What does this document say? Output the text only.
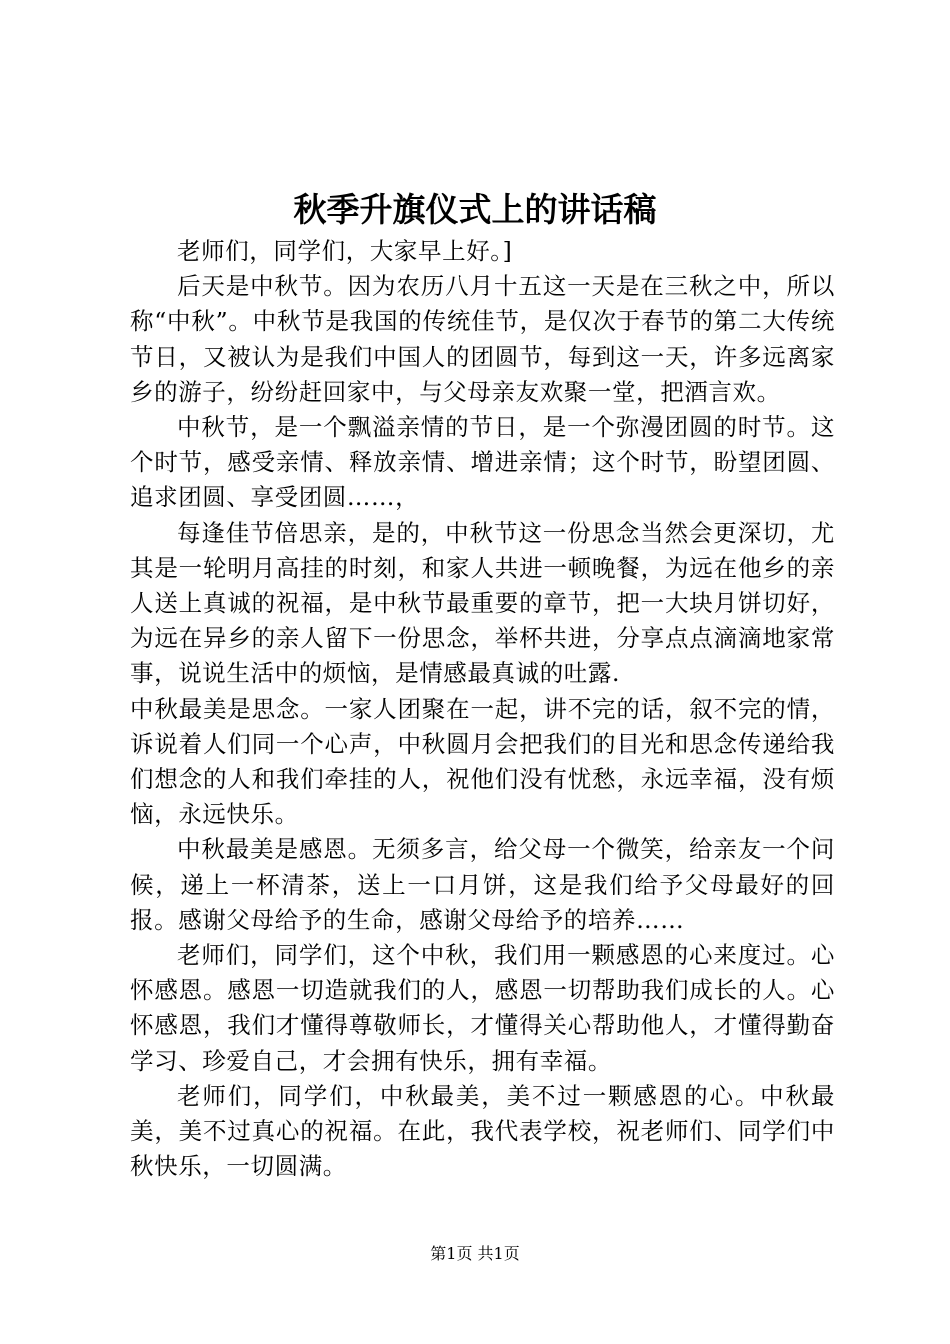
秋季升旗仪式上的讲话稿

老师们，同学们，大家早上好。]

后天是中秋节。因为农历八月十五这一天是在三秋之中，所以称“中秋”。中秋节是我国的传统佳节，是仅次于春节的第二大传统节日，又被认为是我们中国人的团圆节，每到这一天，许多远离家乡的游子，纷纷赶回家中，与父母亲友欢聚一堂，把酒言欢。

中秋节，是一个飘溢亲情的节日，是一个弥漫团圆的时节。这个时节，感受亲情、释放亲情、增进亲情；这个时节，盼望团圆、追求团圆、享受团圆……，

每逢佳节倍思亲，是的，中秋节这一份思念当然会更深切，尤其是一轮明月高挂的时刻，和家人共进一顿晚餐，为远在他乡的亲人送上真诚的祝福，是中秋节最重要的章节，把一大块月饼切好，为远在异乡的亲人留下一份思念，举杯共进，分享点点滴滴地家常事，说说生活中的烦恼，是情感最真诚的吐露.

中秋最美是思念。一家人团聚在一起，讲不完的话，叙不完的情，诉说着人们同一个心声，中秋圆月会把我们的目光和思念传递给我们想念的人和我们牵挂的人，祝他们没有忧愁，永远幸福，没有烦恼，永远快乐。

中秋最美是感恩。无须多言，给父母一个微笑，给亲友一个问候，递上一杯清茶，送上一口月饼，这是我们给予父母最好的回报。感谢父母给予的生命，感谢父母给予的培养……

老师们，同学们，这个中秋，我们用一颗感恩的心来度过。心怀感恩。感恩一切造就我们的人，感恩一切帮助我们成长的人。心怀感恩，我们才懂得尊敬师长，才懂得关心帮助他人，才懂得勤奋学习、珍爱自己，才会拥有快乐，拥有幸福。

老师们，同学们，中秋最美，美不过一颗感恩的心。中秋最美，美不过真心的祝福。在此，我代表学校，祝老师们、同学们中秋快乐，一切圆满。

第1页 共1页
